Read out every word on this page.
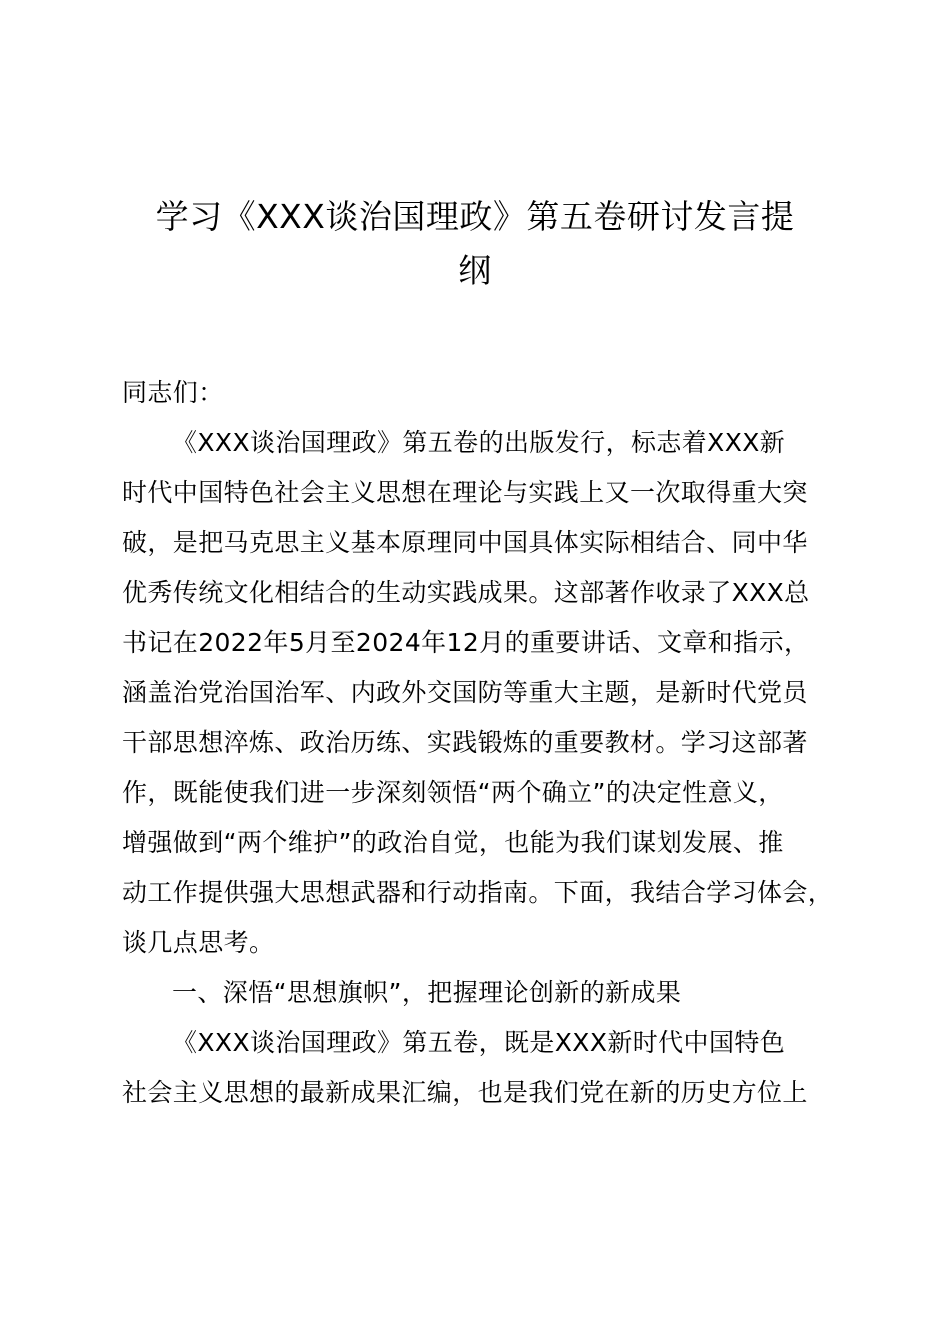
学习《XXX谈治国理政》第五卷研讨发言提
纲
同志们：
《XXX谈治国理政》第五卷的出版发行，标志着XXX新
时代中国特色社会主义思想在理论与实践上又一次取得重大突
破，是把马克思主义基本原理同中国具体实际相结合、同中华
优秀传统文化相结合的生动实践成果。这部著作收录了XXX总
书记在2022年5月至2024年12月的重要讲话、文章和指示，
涵盖治党治国治军、内政外交国防等重大主题，是新时代党员
干部思想淬炼、政治历练、实践锻炼的重要教材。学习这部著
作，既能使我们进一步深刻领悟“两个确立”的决定性意义，
增强做到“两个维护”的政治自觉，也能为我们谋划发展、推
动工作提供强大思想武器和行动指南。下面，我结合学习体会，
谈几点思考。
一、深悟“思想旗帜”，把握理论创新的新成果
《XXX谈治国理政》第五卷，既是XXX新时代中国特色
社会主义思想的最新成果汇编，也是我们党在新的历史方位上
